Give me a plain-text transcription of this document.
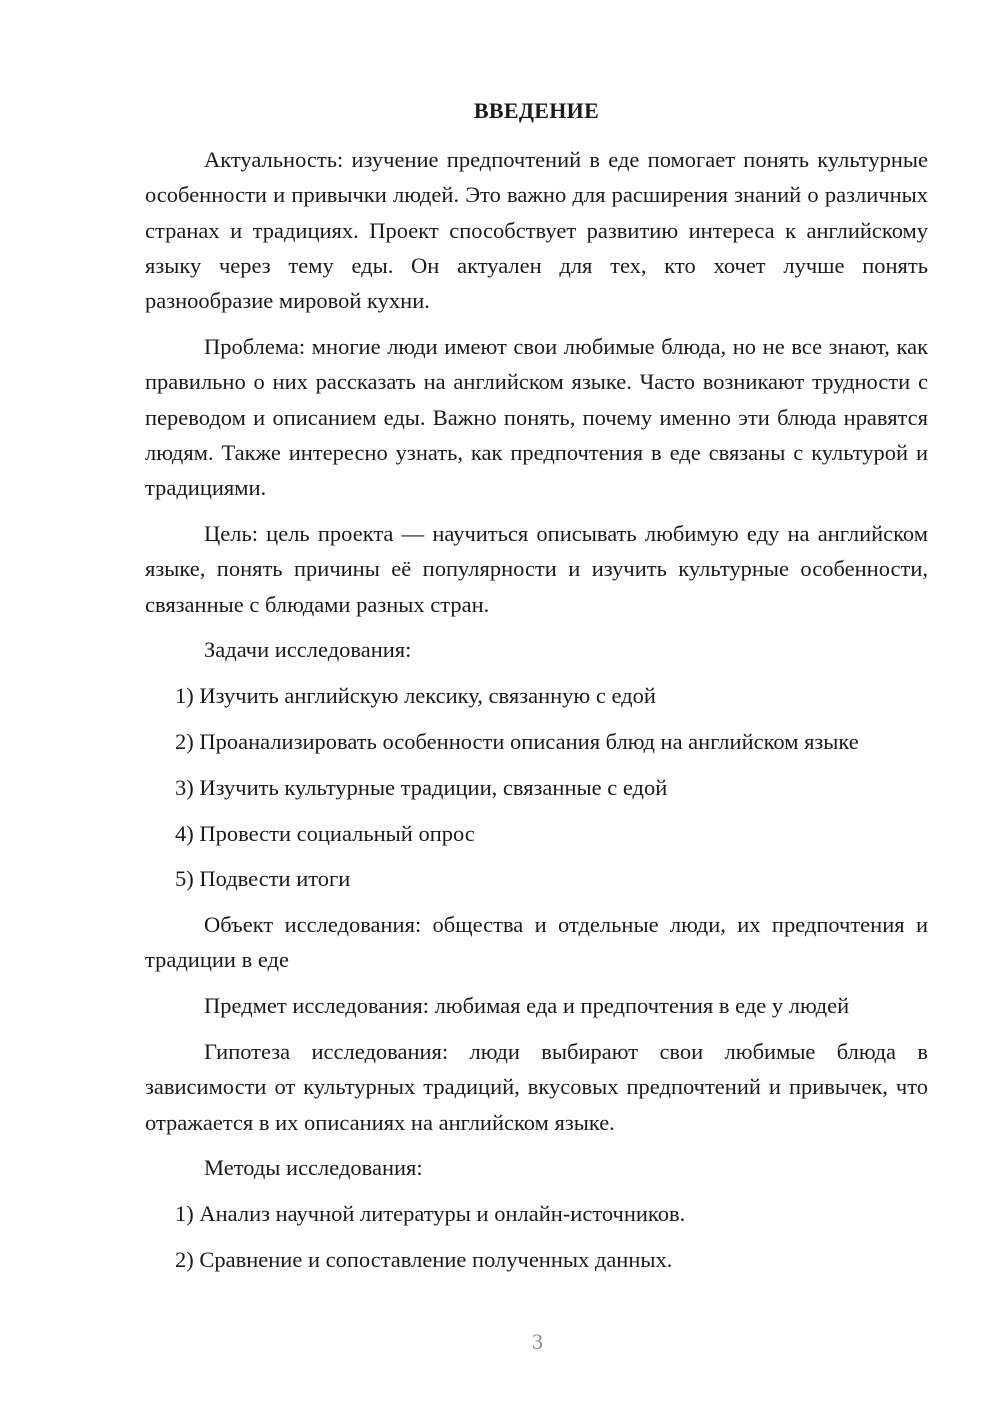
ВВЕДЕНИЕ

Актуальность: изучение предпочтений в еде помогает понять культурные особенности и привычки людей. Это важно для расширения знаний о различных странах и традициях. Проект способствует развитию интереса к английскому языку через тему еды. Он актуален для тех, кто хочет лучше понять разнообразие мировой кухни.

Проблема: многие люди имеют свои любимые блюда, но не все знают, как правильно о них рассказать на английском языке. Часто возникают трудности с переводом и описанием еды. Важно понять, почему именно эти блюда нравятся людям. Также интересно узнать, как предпочтения в еде связаны с культурой и традициями.

Цель: цель проекта — научиться описывать любимую еду на английском языке, понять причины её популярности и изучить культурные особенности, связанные с блюдами разных стран.

Задачи исследования:

1) Изучить английскую лексику, связанную с едой

2) Проанализировать особенности описания блюд на английском языке

3) Изучить культурные традиции, связанные с едой

4) Провести социальный опрос

5) Подвести итоги

Объект исследования: общества и отдельные люди, их предпочтения и традиции в еде

Предмет исследования: любимая еда и предпочтения в еде у людей

Гипотеза исследования: люди выбирают свои любимые блюда в зависимости от культурных традиций, вкусовых предпочтений и привычек, что отражается в их описаниях на английском языке.

Методы исследования:

1) Анализ научной литературы и онлайн-источников.

2) Сравнение и сопоставление полученных данных.

3
